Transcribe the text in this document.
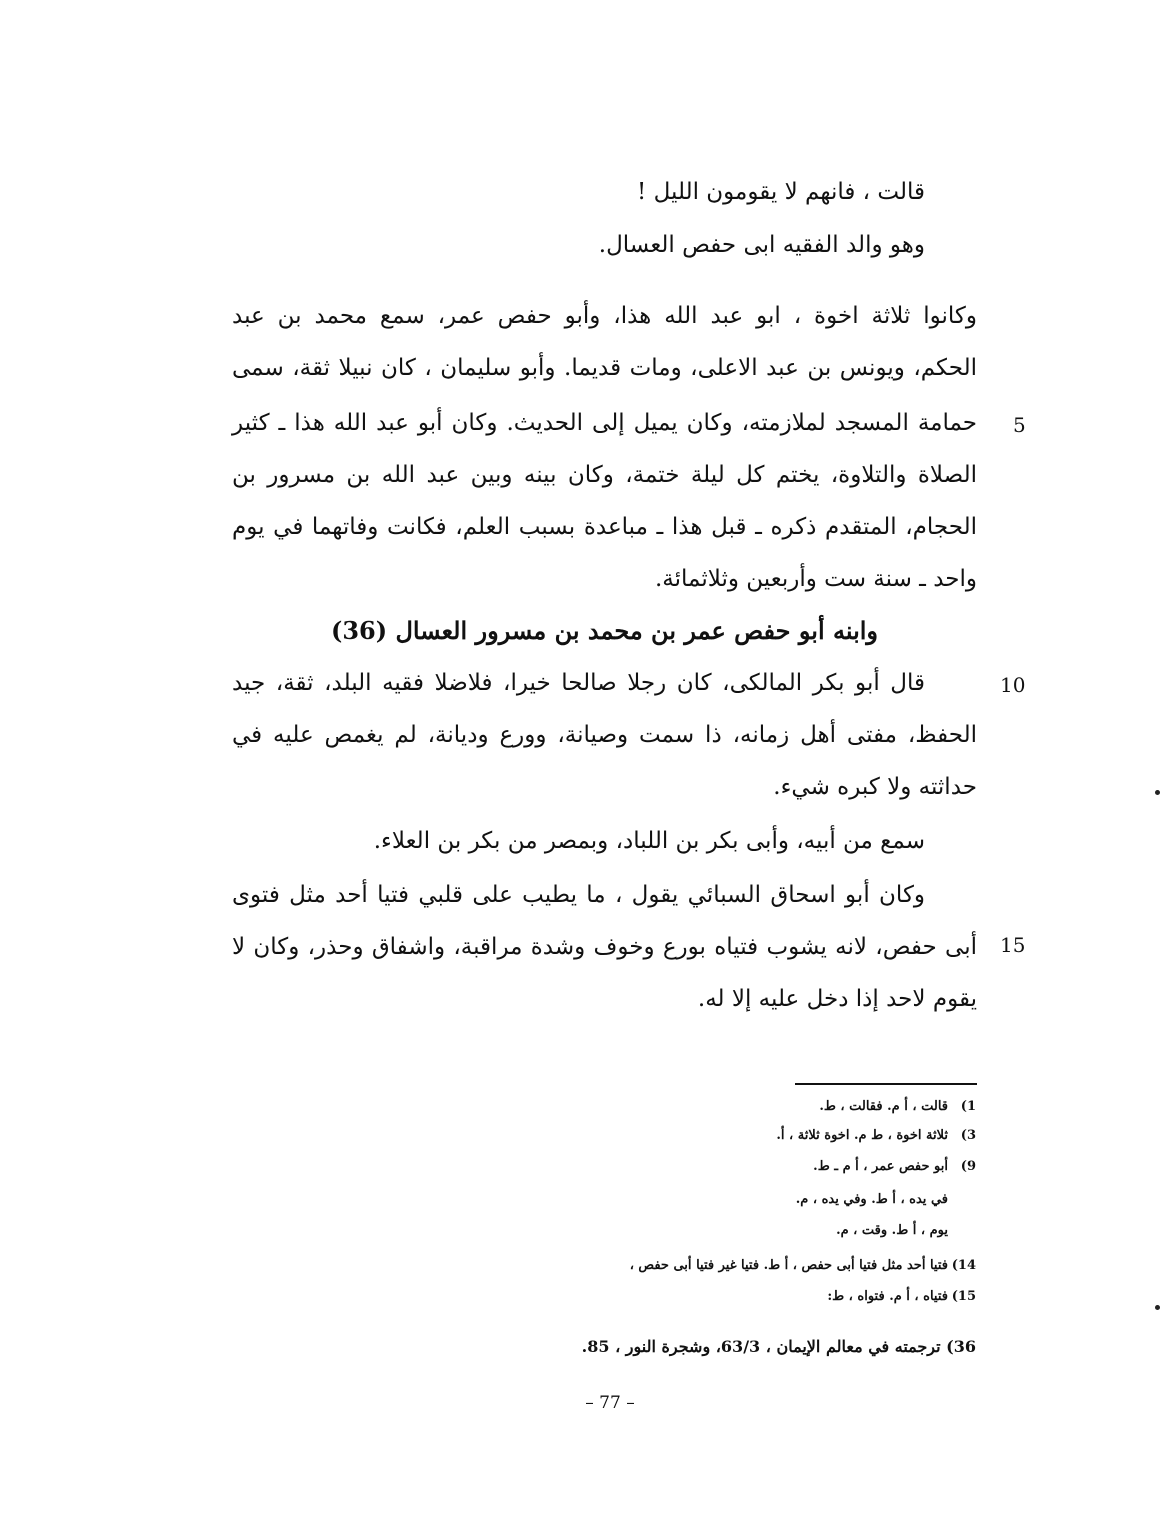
قالت ، فانهم لا يقومون الليل !
وهو والد الفقيه ابى حفص العسال.
وكانوا ثلاثة اخوة ، ابو عبد الله هذا، وأبو حفص عمر، سمع محمد بن عبد
الحكم، ويونس بن عبد الاعلى، ومات قديما. وأبو سليمان ، كان نبيلا ثقة، سمى
حمامة المسجد لملازمته، وكان يميل إلى الحديث. وكان أبو عبد الله هذا ـ كثير
الصلاة والتلاوة، يختم كل ليلة ختمة، وكان بينه وبين عبد الله بن مسرور بن
الحجام، المتقدم ذكره ـ قبل هذا ـ مباعدة بسبب العلم، فكانت وفاتهما في يوم
واحد ـ سنة ست وأربعين وثلاثمائة.
وابنه أبو حفص عمر بن محمد بن مسرور العسال (36)
قال أبو بكر المالكى، كان رجلا صالحا خيرا، فلاضلا فقيه البلد، ثقة، جيد
الحفظ، مفتى أهل زمانه، ذا سمت وصيانة، وورع وديانة، لم يغمص عليه في
حداثته ولا كبره شيء.
سمع من أبيه، وأبى بكر بن اللباد، وبمصر من بكر بن العلاء.
وكان أبو اسحاق السبائي يقول ، ما يطيب على قلبي فتيا أحد مثل فتوى
أبى حفص، لانه يشوب فتياه بورع وخوف وشدة مراقبة، واشفاق وحذر، وكان لا
يقوم لاحد إذا دخل عليه إلا له.
5
10
15
1)قالت ، أ م. فقالت ، ط.
3)ثلاثة اخوة ، ط م. اخوة ثلاثة ، أ.
9)أبو حفص عمر ، أ م ـ ط.
في يده ، أ ط. وفي يده ، م.
يوم ، أ ط. وقت ، م.
14)فتيا أحد مثل فتيا أبى حفص ، أ ط. فتيا غير فتيا أبى حفص ،
15)فتياه ، أ م. فتواه ، ط:
36) ترجمته في معالم الإيمان ، 63/3، وشجرة النور ، 85.
– 77 –
